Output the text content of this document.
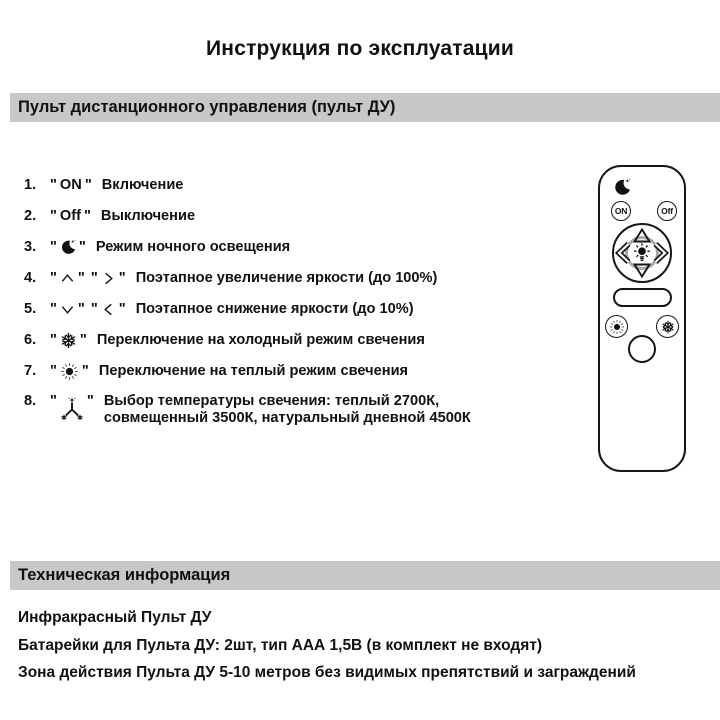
Инструкция по эксплуатации
Пульт дистанционного управления (пульт ДУ)
1. " ON " Включение
2. " Off " Выключение
3. " " Режим ночного освещения
4. " " " " Поэтапное увеличение яркости (до 100%)
5. " " " " Поэтапное снижение яркости (до 10%)
6. " " Переключение на холодный режим свечения
7. " " Переключение на теплый режим свечения
8. " " Выбор температуры свечения: теплый 2700К,
совмещенный 3500К, натуральный дневной 4500К
ON	Off
Техническая информация

Инфракрасный Пульт ДУ

Батарейки для Пульта ДУ: 2шт, тип ААА 1,5В (в комплект не входят)

Зона действия Пульта ДУ 5-10 метров без видимых препятствий и заграждений
